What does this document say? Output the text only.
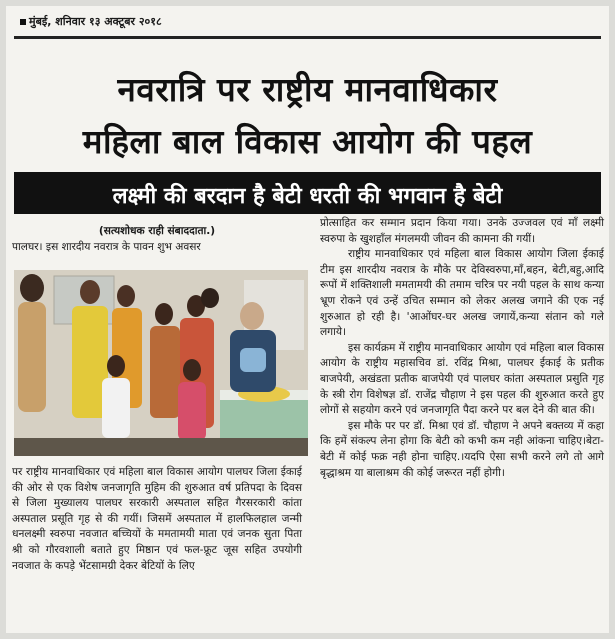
मुंबई, शनिवार १३ अक्टूबर २०१८
नवरात्रि पर राष्ट्रीय मानवाधिकार
महिला बाल विकास आयोग की पहल
लक्ष्मी की बरदान है बेटी धरती की भगवान है बेटी

(सत्यशोधक राही संबाददाता.)

पालघर। इस शारदीय नवरात्र के पावन शुभ अवसर

पर राष्ट्रीय मानवाधिकार एवं महिला बाल विकास आयोग पालघर जिला ईकाई की ओर से एक विशेष जनजागृति मुहिम की शुरुआत वर्ष प्रतिपदा के दिवस से जिला मुख्यालय पालघर सरकारी अस्पताल सहित गैरसरकारी कांता अस्पताल प्रसूति गृह से की गयीं। जिसमें अस्पताल में हालफिलहाल जन्मी धनलक्ष्मी स्वरुपा नवजात बच्चियों के ममतामयी माता एवं जनक सुता पिता श्री को गौरवशाली बताते हुए मिष्ठान एवं फल-फ्रूट जूस सहित उपयोगी नवजात के कपड़े भेंटसामग्री देकर बेटियों के लिए

प्रोत्साहित कर सम्मान प्रदान किया गया। उनके उज्जवल एवं माँ लक्ष्मी स्वरुपा के खुशहाँल मंगलमयी जीवन की कामना की गयीं।

राष्ट्रीय मानवाधिकार एवं महिला बाल विकास आयोग जिला ईकाई टीम इस शारदीय नवरात्र के मौके पर देविस्वरुपा,माँ,बहन, बेटी,बहु,आदि रूपों में शक्तिशाली ममतामयी की तमाम चरित्र पर नयी पहल के साथ कन्या भ्रूण रोकने एवं उन्हें उचित सम्मान को लेकर अलख जगाने की एक नई शुरुआत हो रही है। 'आओंघर-घर अलख जगायें,कन्या संतान को गले लगाये।

इस कार्यक्रम में राष्ट्रीय मानवाधिकार आयोग एवं महिला बाल विकास आयोग के राष्ट्रीय महासचिव डां. रविंद्र मिश्रा, पालघर ईकाई के प्रतीक बाजपेयी, अखंडता प्रतीक बाजपेयी एवं पालघर कांता अस्पताल प्रसुति गृह के स्त्री रोग विशेषज्ञ डॉ. राजेंद्र चौहाण ने इस पहल की शुरुआत करते हुए लोगों से सहयोग करने एवं जनजागृति पैदा करने पर बल देने की बात की।

इस मौके पर पर डॉ. मिश्रा एवं डॉ. चौहाण ने अपने बक्तव्य में कहा कि हमें संकल्प लेना होगा कि बेटी को कभी कम नही आंकना चाहिए।बेटा-बेटी में कोई फक्र नही होना चाहिए.।यदपि ऐसा सभी करने लगे तो आगे बृद्धाश्रम या बालाश्रम की कोई जरूरत नहीं होगी।
